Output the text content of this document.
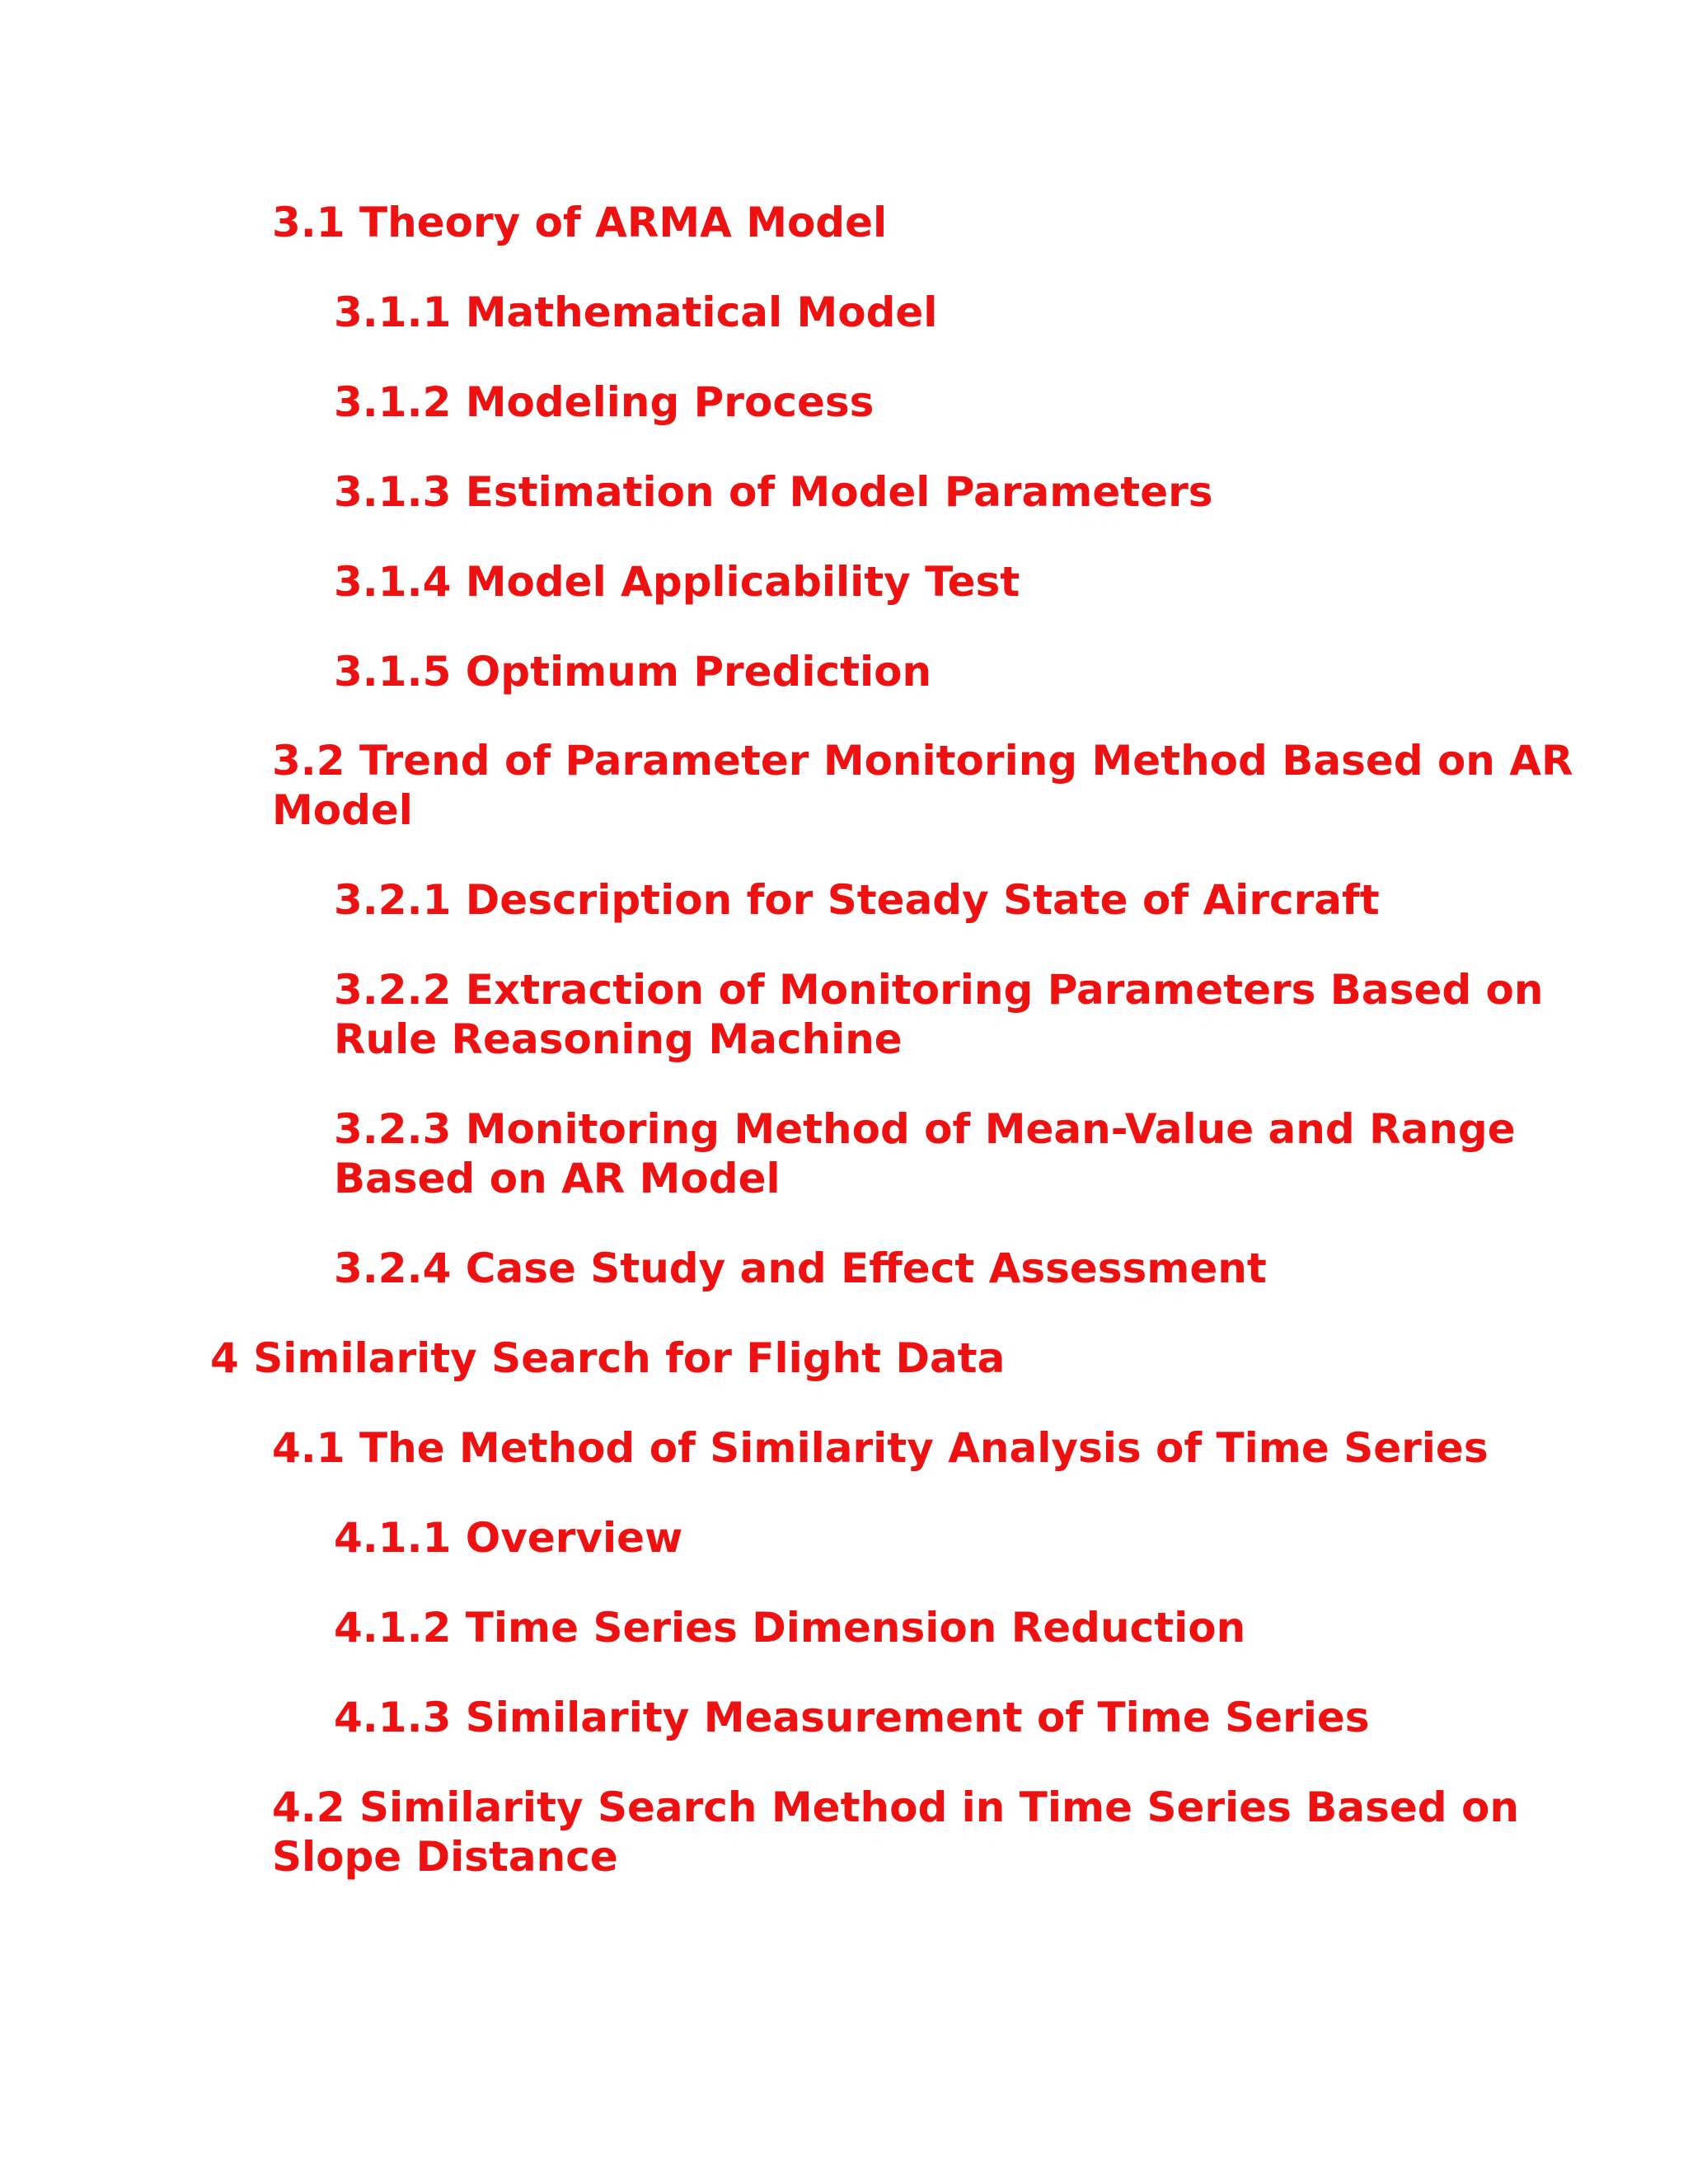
3.1 Theory of ARMA Model

3.1.1 Mathematical Model

3.1.2 Modeling Process

3.1.3 Estimation of Model Parameters

3.1.4 Model Applicability Test

3.1.5 Optimum Prediction

3.2 Trend of Parameter Monitoring Method Based on AR
Model

3.2.1 Description for Steady State of Aircraft

3.2.2 Extraction of Monitoring Parameters Based on
Rule Reasoning Machine

3.2.3 Monitoring Method of Mean-Value and Range
Based on AR Model

3.2.4 Case Study and Effect Assessment

4 Similarity Search for Flight Data

4.1 The Method of Similarity Analysis of Time Series

4.1.1 Overview

4.1.2 Time Series Dimension Reduction

4.1.3 Similarity Measurement of Time Series

4.2 Similarity Search Method in Time Series Based on
Slope Distance
